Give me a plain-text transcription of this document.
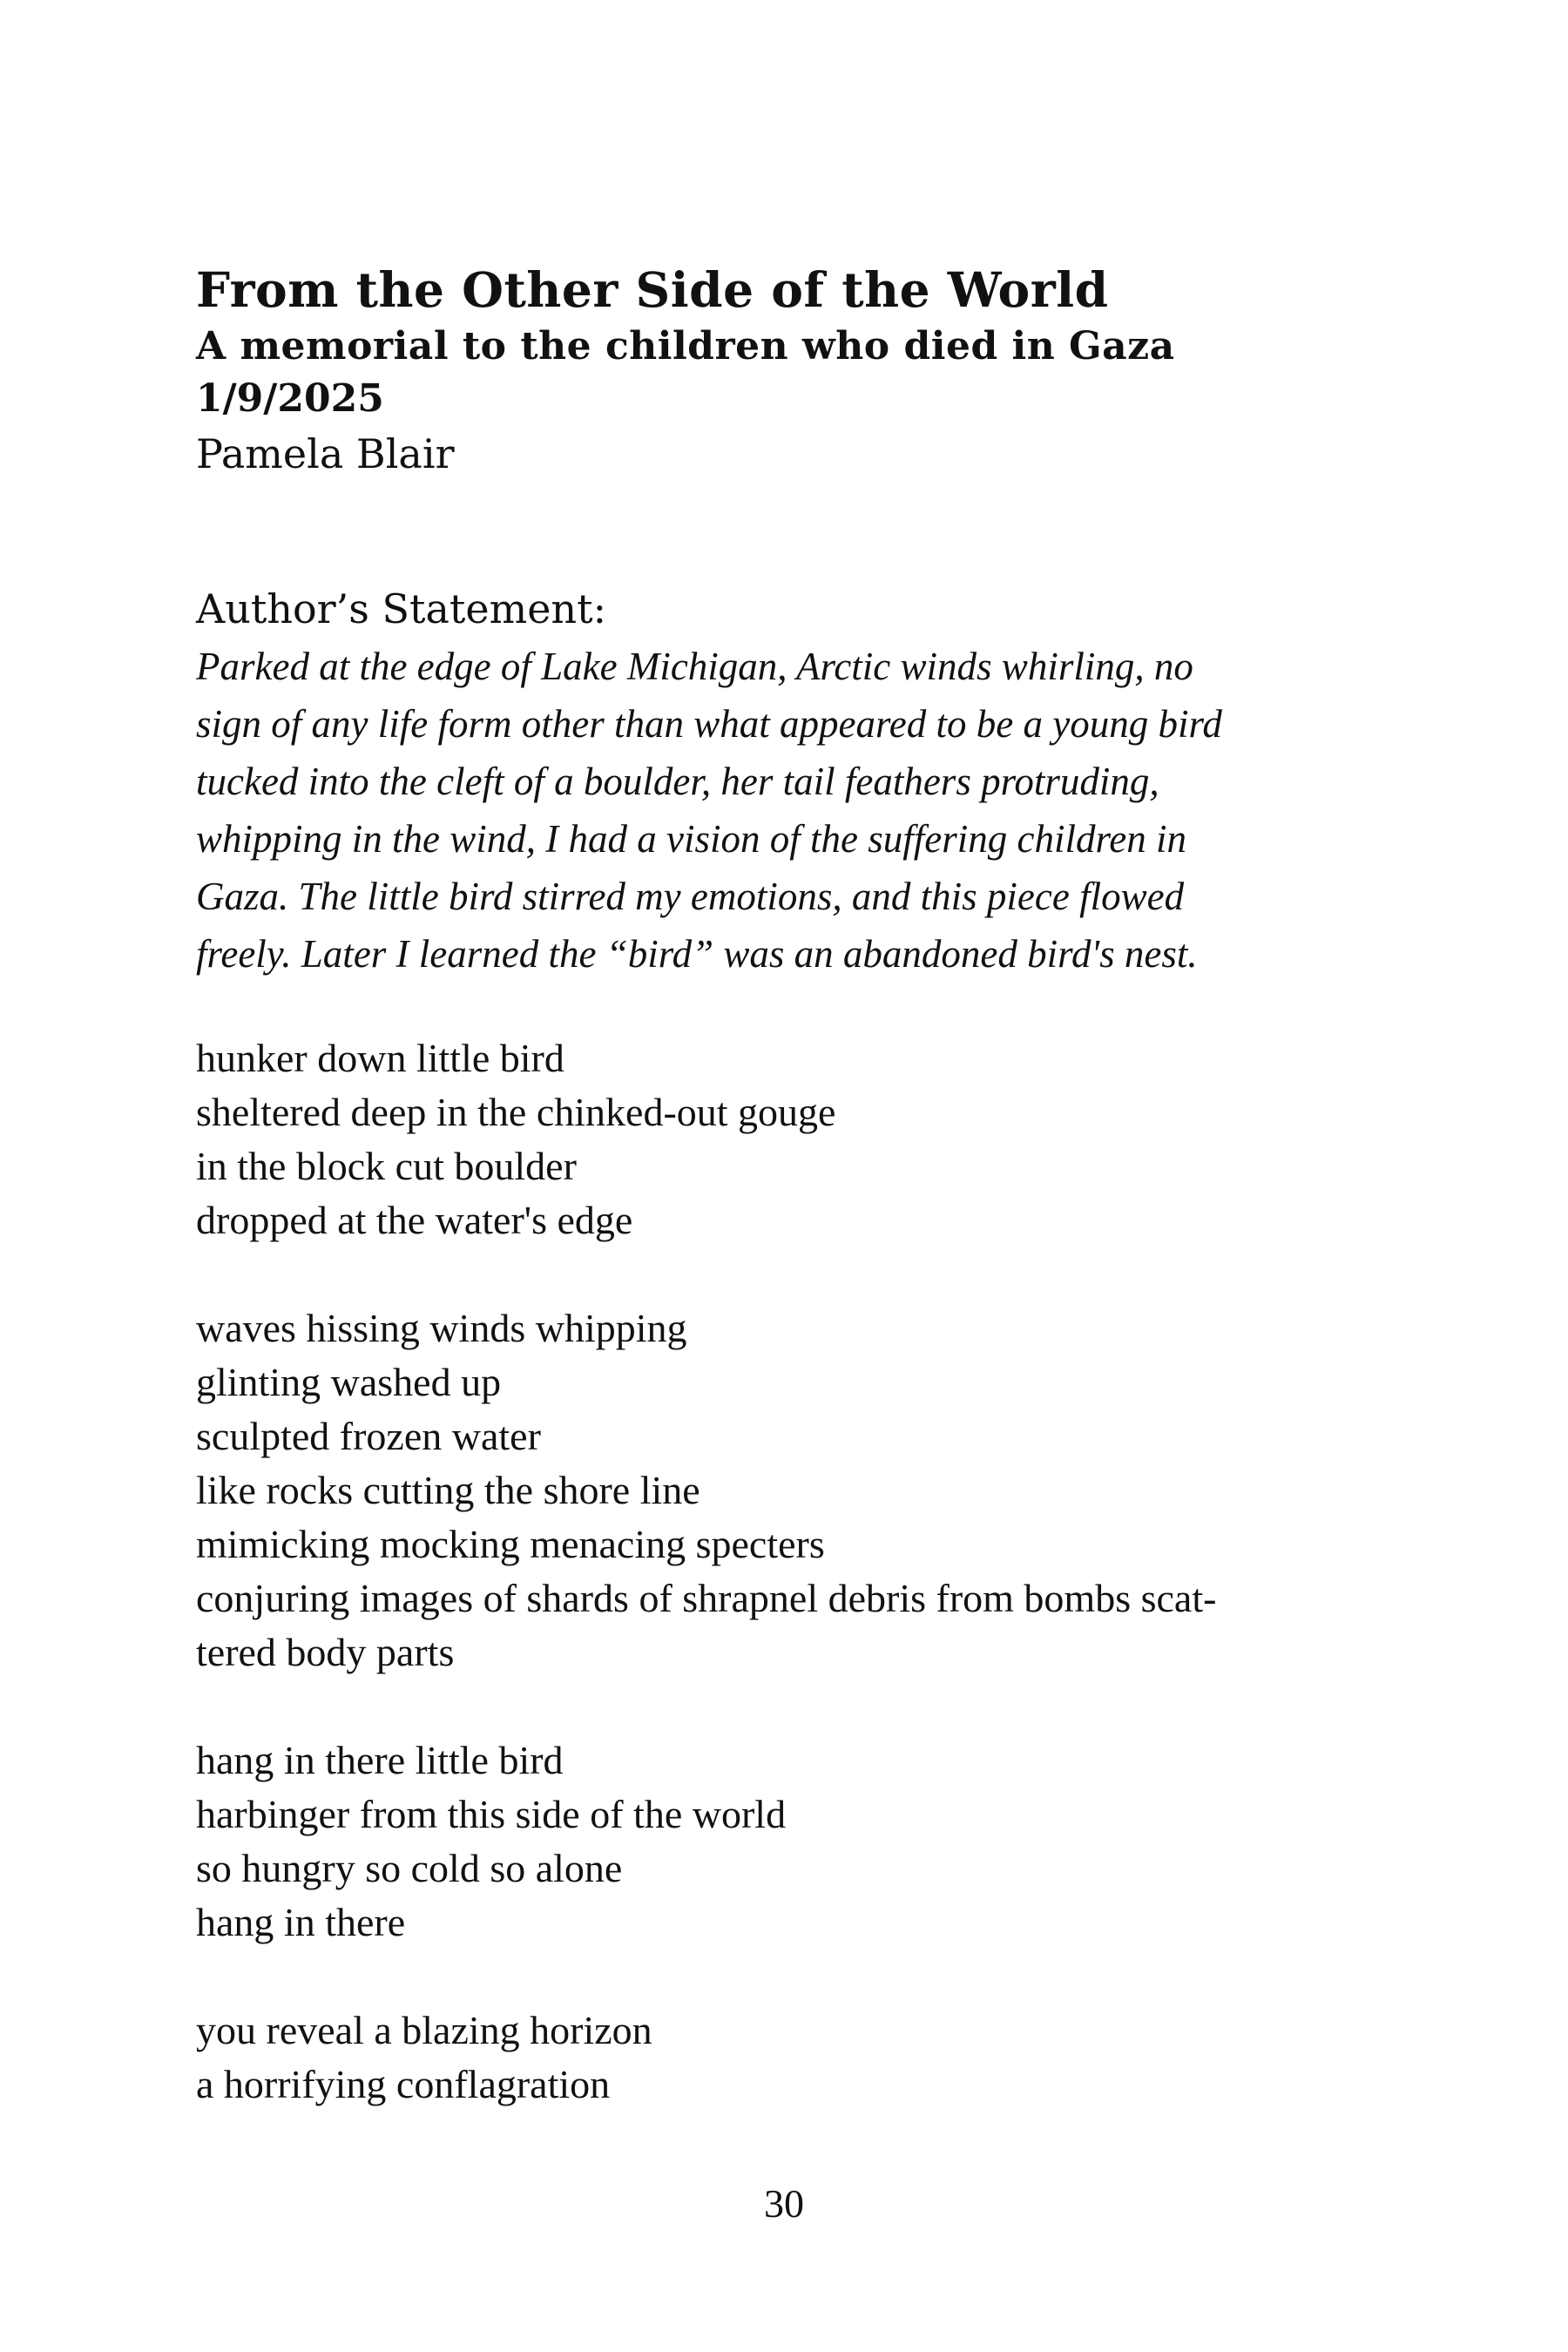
From the Other Side of the World
A memorial to the children who died in Gaza
1/9/2025
Pamela Blair
Author’s Statement:
Parked at the edge of Lake Michigan, Arctic winds whirling, no
sign of any life form other than what appeared to be a young bird
tucked into the cleft of a boulder, her tail feathers protruding,
whipping in the wind, I had a vision of the suffering children in
Gaza. The little bird stirred my emotions, and this piece flowed
freely. Later I learned the “bird” was an abandoned bird's nest.
hunker down little bird
sheltered deep in the chinked-out gouge
in the block cut boulder
dropped at the water's edge
waves hissing winds whipping
glinting washed up
sculpted frozen water
like rocks cutting the shore line
mimicking mocking menacing specters
conjuring images of shards of shrapnel debris from bombs scat-
tered body parts
hang in there little bird
harbinger from this side of the world
so hungry so cold so alone
hang in there
you reveal a blazing horizon
a horrifying conflagration
30
